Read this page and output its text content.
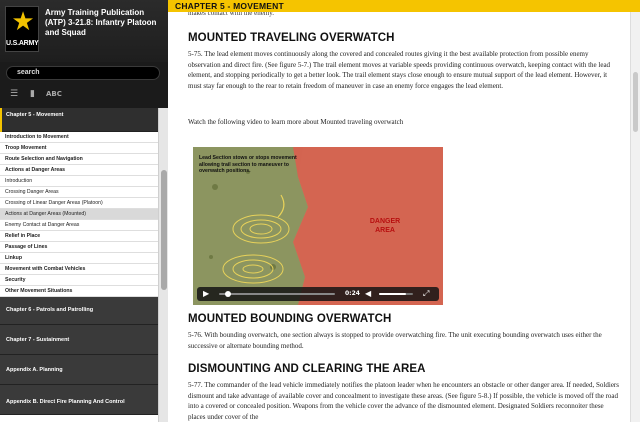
★
U.S.ARMY
Army Training Publication (ATP) 3-21.8: Infantry Platoon and Squad
search
☰ ▮ ABC
Chapter 5 - Movement
Introduction to Movement
Troop Movement
Route Selection and Navigation
Actions at Danger Areas
Introduction
Crossing Danger Areas
Crossing of Linear Danger Areas (Platoon)
Actions at Danger Areas (Mounted)
Enemy Contact at Danger Areas
Relief in Place
Passage of Lines
Linkup
Movement with Combat Vehicles
Security
Other Movement Situations
Chapter 6 - Patrols and Patrolling
Chapter 7 - Sustainment
Appendix A. Planning
Appendix B. Direct Fire Planning And Control
CHAPTER 5 - MOVEMENT
makes contact with the enemy.
MOUNTED TRAVELING OVERWATCH
5-75. The lead element moves continuously along the covered and concealed routes giving it the best available protection from possible enemy observation and direct fire. (See figure 5-7.) The trail element moves at variable speeds providing continuous overwatch, keeping contact with the lead element, and stopping periodically to get a better look. The trail element stays close enough to ensure mutual support of the lead element. However, it must stay far enough to the rear to retain freedom of maneuver in case an enemy force engages the lead element.
Watch the following video to learn more about Mounted traveling overwatch
Lead Section stows or stops movement allowing trail section to maneuver to overwatch positions.
DANGER AREA
▶	0:24 ◀	⤢
MOUNTED BOUNDING OVERWATCH
5-76. With bounding overwatch, one section always is stopped to provide overwatching fire. The unit executing bounding overwatch uses either the successive or alternate bounding method.
DISMOUNTING AND CLEARING THE AREA
5-77. The commander of the lead vehicle immediately notifies the platoon leader when he encounters an obstacle or other danger area. If needed, Soldiers dismount and take advantage of available cover and concealment to investigate these areas. (See figure 5-8.) If possible, the vehicle is moved off the road into a covered or concealed position. Weapons from the vehicle cover the advance of the dismounted element. Designated Soldiers reconnoiter these places under cover of the
